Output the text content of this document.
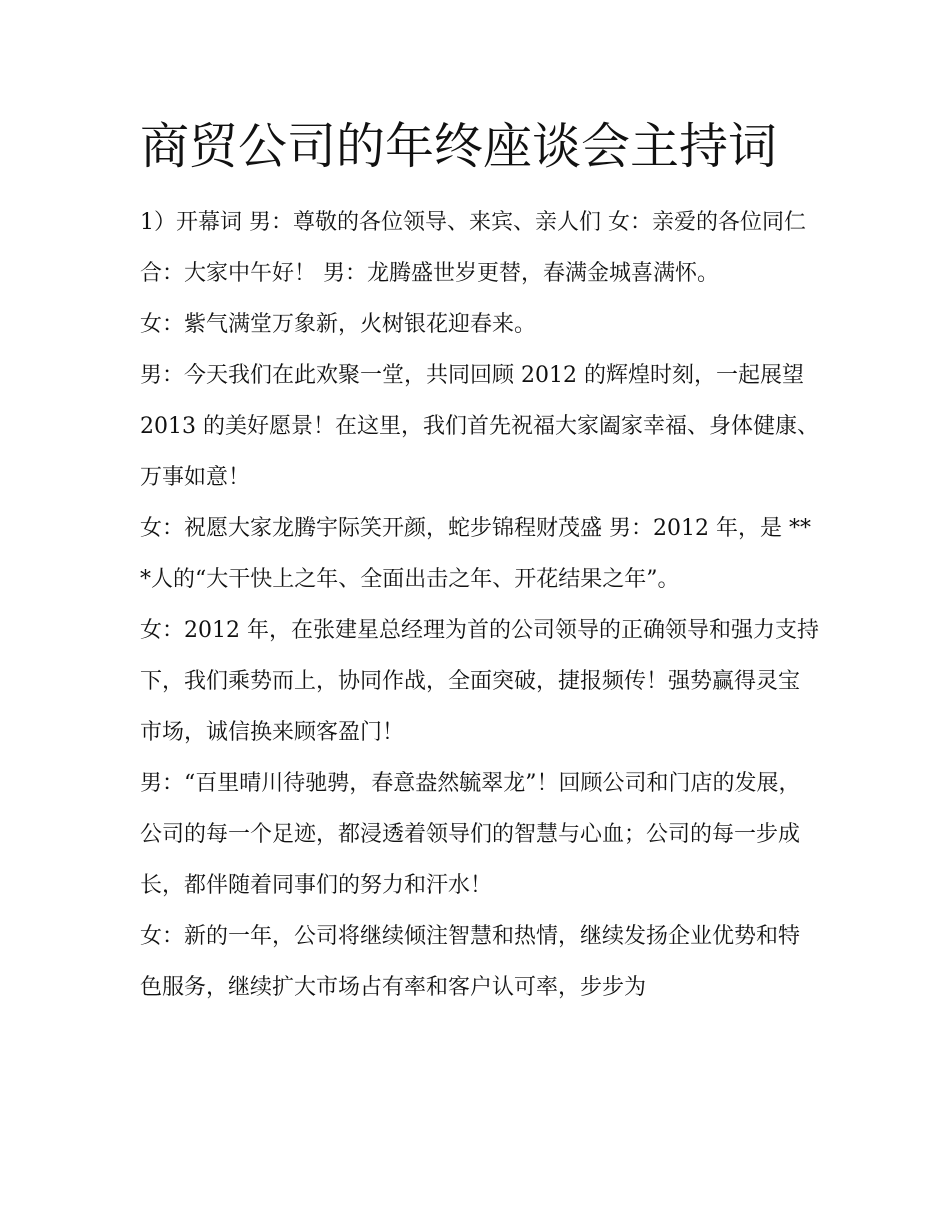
商贸公司的年终座谈会主持词

1）开幕词 男：尊敬的各位领导、来宾、亲人们 女：亲爱的各位同仁 合：大家中午好！ 男：龙腾盛世岁更替，春满金城喜满怀。

女：紫气满堂万象新，火树银花迎春来。

男：今天我们在此欢聚一堂，共同回顾 2012 的辉煌时刻，一起展望 2013 的美好愿景！在这里，我们首先祝福大家阖家幸福、身体健康、万事如意！

女：祝愿大家龙腾宇际笑开颜，蛇步锦程财茂盛 男：2012 年，是 ***人的“大干快上之年、全面出击之年、开花结果之年”。

女：2012 年，在张建星总经理为首的公司领导的正确领导和强力支持下，我们乘势而上，协同作战，全面突破，捷报频传！强势赢得灵宝市场，诚信换来顾客盈门！

男：“百里晴川待驰骋，春意盎然毓翠龙”！回顾公司和门店的发展，公司的每一个足迹，都浸透着领导们的智慧与心血；公司的每一步成长，都伴随着同事们的努力和汗水！

女：新的一年，公司将继续倾注智慧和热情，继续发扬企业优势和特色服务，继续扩大市场占有率和客户认可率，步步为
